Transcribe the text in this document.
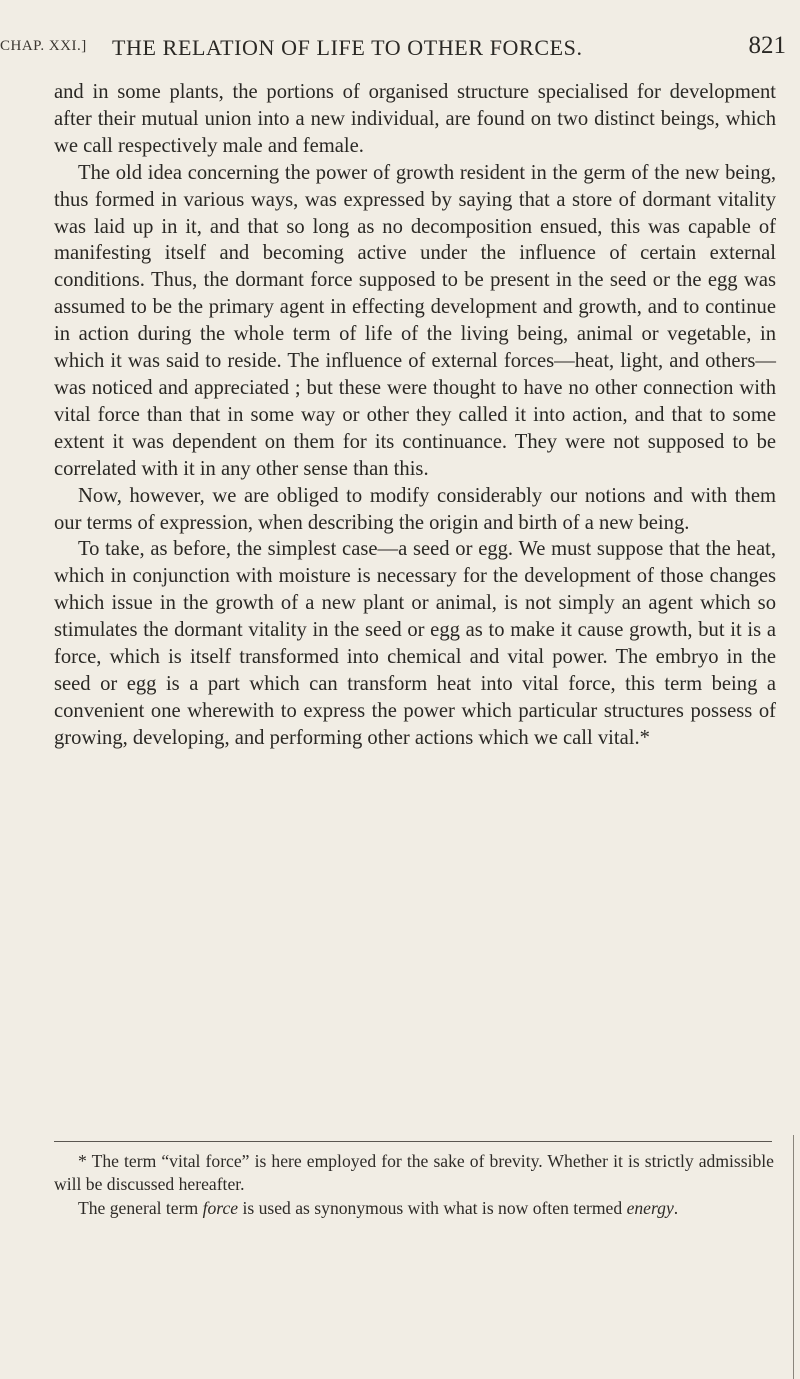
CHAP. XXI.] THE RELATION OF LIFE TO OTHER FORCES.	821

and in some plants, the portions of organised structure specialised for development after their mutual union into a new individual, are found on two distinct beings, which we call respectively male and female.

The old idea concerning the power of growth resident in the germ of the new being, thus formed in various ways, was expressed by saying that a store of dormant vitality was laid up in it, and that so long as no decomposition ensued, this was capable of manifesting itself and becoming active under the influence of certain external conditions. Thus, the dormant force supposed to be present in the seed or the egg was assumed to be the primary agent in effecting development and growth, and to continue in action during the whole term of life of the living being, animal or vegetable, in which it was said to reside. The influence of external forces—heat, light, and others—was noticed and appreciated ; but these were thought to have no other connection with vital force than that in some way or other they called it into action, and that to some extent it was dependent on them for its continuance. They were not supposed to be correlated with it in any other sense than this.

Now, however, we are obliged to modify considerably our notions and with them our terms of expression, when describing the origin and birth of a new being.

To take, as before, the simplest case—a seed or egg. We must suppose that the heat, which in conjunction with moisture is necessary for the development of those changes which issue in the growth of a new plant or animal, is not simply an agent which so stimulates the dormant vitality in the seed or egg as to make it cause growth, but it is a force, which is itself transformed into chemical and vital power. The embryo in the seed or egg is a part which can transform heat into vital force, this term being a convenient one wherewith to express the power which particular structures possess of growing, developing, and performing other actions which we call vital.*

* The term “vital force” is here employed for the sake of brevity. Whether it is strictly admissible will be discussed hereafter.

The general term force is used as synonymous with what is now often termed energy.
